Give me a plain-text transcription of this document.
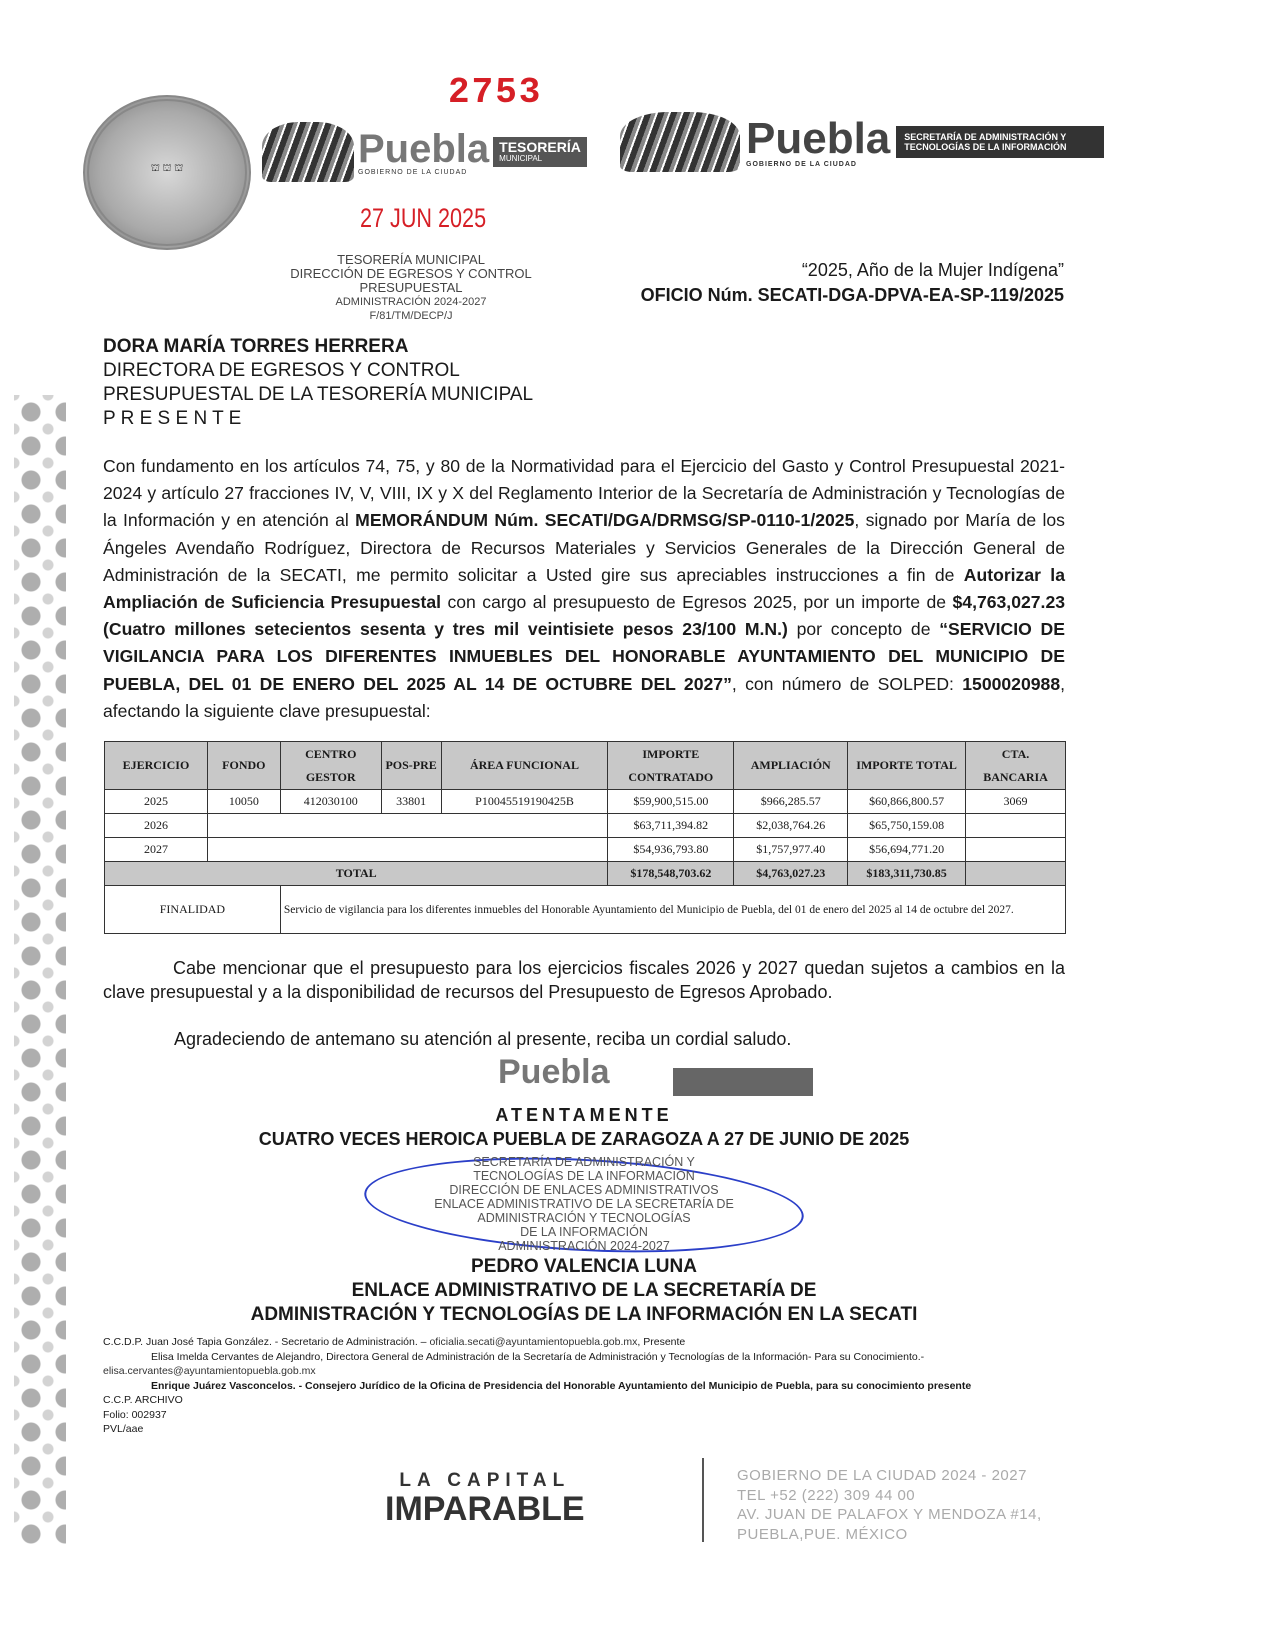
⛫ ⛫ ⛫
2753
Puebla
GOBIERNO DE LA CIUDAD
TESORERÍA
MUNICIPAL
27 JUN 2025
Puebla
GOBIERNO DE LA CIUDAD
SECRETARÍA DE ADMINISTRACIÓN Y TECNOLOGÍAS DE LA INFORMACIÓN
TESORERÍA MUNICIPAL
DIRECCIÓN DE EGRESOS Y CONTROL
PRESUPUESTAL
ADMINISTRACIÓN 2024-2027
F/81/TM/DECP/J
“2025, Año de la Mujer Indígena”
OFICIO Núm. SECATI-DGA-DPVA-EA-SP-119/2025
DORA MARÍA TORRES HERRERA
DIRECTORA DE EGRESOS Y CONTROL
PRESUPUESTAL DE LA TESORERÍA MUNICIPAL
P R E S E N T E
Con fundamento en los artículos 74, 75, y 80 de la Normatividad para el Ejercicio del Gasto y Control Presupuestal 2021-2024 y artículo 27 fracciones IV, V, VIII, IX y X del Reglamento Interior de la Secretaría de Administración y Tecnologías de la Información y en atención al MEMORÁNDUM Núm. SECATI/DGA/DRMSG/SP-0110-1/2025, signado por María de los Ángeles Avendaño Rodríguez, Directora de Recursos Materiales y Servicios Generales de la Dirección General de Administración de la SECATI, me permito solicitar a Usted gire sus apreciables instrucciones a fin de Autorizar la Ampliación de Suficiencia Presupuestal con cargo al presupuesto de Egresos 2025, por un importe de $4,763,027.23 (Cuatro millones setecientos sesenta y tres mil veintisiete pesos 23/100 M.N.) por concepto de “SERVICIO DE VIGILANCIA PARA LOS DIFERENTES INMUEBLES DEL HONORABLE AYUNTAMIENTO DEL MUNICIPIO DE PUEBLA, DEL 01 DE ENERO DEL 2025 AL 14 DE OCTUBRE DEL 2027”, con número de SOLPED: 1500020988, afectando la siguiente clave presupuestal:
EJERCICIO	FONDO	CENTRO GESTOR	POS-PRE	ÁREA FUNCIONAL	IMPORTE CONTRATADO	AMPLIACIÓN	IMPORTE TOTAL	CTA. BANCARIA
2025	10050	412030100	33801	P10045519190425B	$59,900,515.00	$966,285.57	$60,866,800.57	3069
2026					$63,711,394.82	$2,038,764.26	$65,750,159.08	
2027					$54,936,793.80	$1,757,977.40	$56,694,771.20	
TOTAL					$178,548,703.62	$4,763,027.23	$183,311,730.85	
FINALIDAD		Servicio de vigilancia para los diferentes inmuebles del Honorable Ayuntamiento del Municipio de Puebla, del 01 de enero del 2025 al 14 de octubre del 2027.						
Cabe mencionar que el presupuesto para los ejercicios fiscales 2026 y 2027 quedan sujetos a cambios en la clave presupuestal y a la disponibilidad de recursos del Presupuesto de Egresos Aprobado.
Agradeciendo de antemano su atención al presente, reciba un cordial saludo.
Puebla
ATENTAMENTE
CUATRO VECES HEROICA PUEBLA DE ZARAGOZA A 27 DE JUNIO DE 2025
SECRETARÍA DE ADMINISTRACIÓN Y
TECNOLOGÍAS DE LA INFORMACIÓN
DIRECCIÓN DE ENLACES ADMINISTRATIVOS
ENLACE ADMINISTRATIVO DE LA SECRETARÍA DE
ADMINISTRACIÓN Y TECNOLOGÍAS
DE LA INFORMACIÓN
ADMINISTRACIÓN 2024-2027
PEDRO VALENCIA LUNA
ENLACE ADMINISTRATIVO DE LA SECRETARÍA DE
ADMINISTRACIÓN Y TECNOLOGÍAS DE LA INFORMACIÓN EN LA SECATI
C.C.D.P. Juan José Tapia González. - Secretario de Administración. – oficialia.secati@ayuntamientopuebla.gob.mx, Presente
Elisa Imelda Cervantes de Alejandro, Directora General de Administración de la Secretaría de Administración y Tecnologías de la Información- Para su Conocimiento.-
elisa.cervantes@ayuntamientopuebla.gob.mx
Enrique Juárez Vasconcelos. - Consejero Jurídico de la Oficina de Presidencia del Honorable Ayuntamiento del Municipio de Puebla, para su conocimiento presente
C.C.P. ARCHIVO
Folio: 002937
PVL/aae
LA CAPITAL
IMPARABLE
GOBIERNO DE LA CIUDAD 2024 - 2027
TEL +52 (222) 309 44 00
AV. JUAN DE PALAFOX Y MENDOZA #14,
PUEBLA,PUE. MÉXICO
